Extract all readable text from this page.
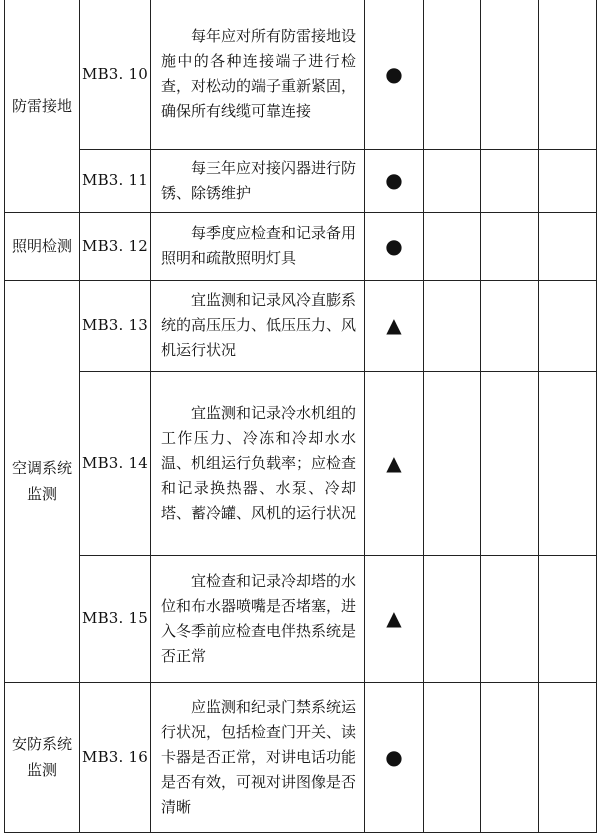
防雷接地	MB3. 10	每年应对所有防雷接地设施中的各种连接端子进行检查，对松动的端子重新紧固，确保所有线缆可靠连接	●			
	MB3. 11	每三年应对接闪器进行防锈、除锈维护	●			
照明检测	MB3. 12	每季度应检查和记录备用照明和疏散照明灯具	●			

空调系统监测	MB3. 13	宜监测和记录风冷直膨系统的高压压力、低压压力、风机运行状况	▲			
	MB3. 14	宜监测和记录冷水机组的工作压力、冷冻和冷却水水温、机组运行负载率；应检查和记录换热器、水泵、冷却塔、蓄冷罐、风机的运行状况	▲			
	MB3. 15	宜检查和记录冷却塔的水位和布水器喷嘴是否堵塞，进入冬季前应检查电伴热系统是否正常	▲			

安防系统监测	MB3. 16	应监测和纪录门禁系统运行状况，包括检查门开关、读卡器是否正常，对讲电话功能是否有效，可视对讲图像是否清晰	●			
